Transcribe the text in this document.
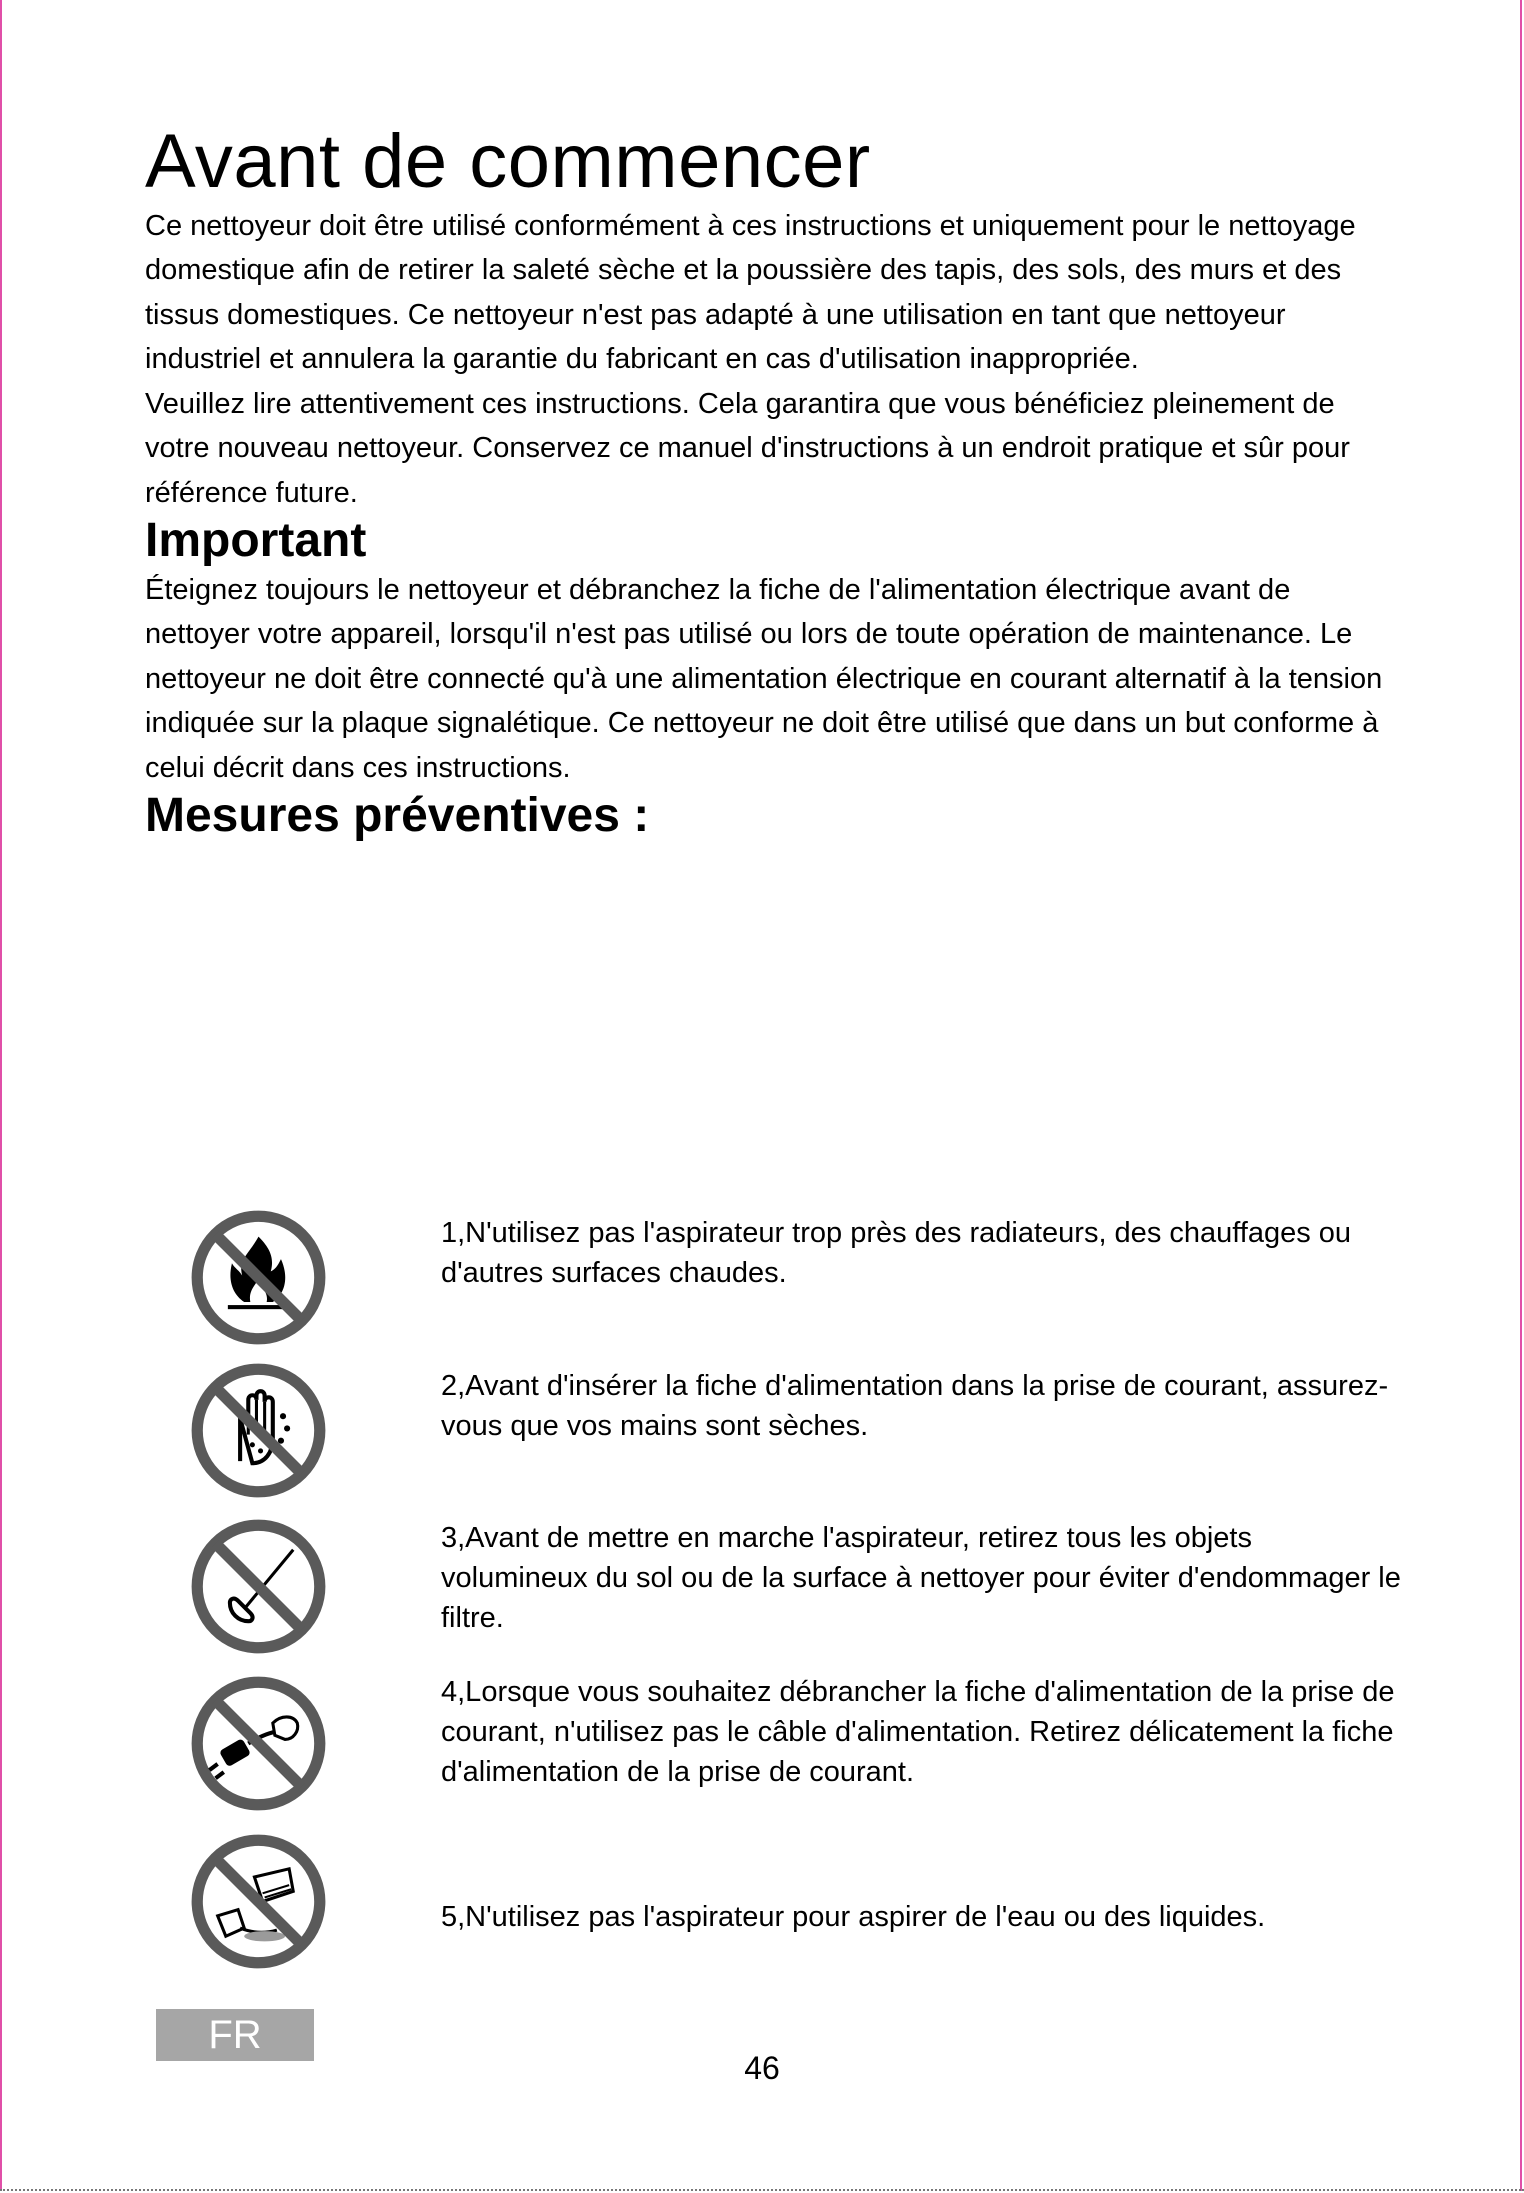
Avant de commencer

Ce nettoyeur doit être utilisé conformément à ces instructions et uniquement pour le nettoyage domestique afin de retirer la saleté sèche et la poussière des tapis, des sols, des murs et des tissus domestiques. Ce nettoyeur n'est pas adapté à une utilisation en tant que nettoyeur industriel et annulera la garantie du fabricant en cas d'utilisation inappropriée.

Veuillez lire attentivement ces instructions. Cela garantira que vous bénéficiez pleinement de votre nouveau nettoyeur. Conservez ce manuel d'instructions à un endroit pratique et sûr pour référence future.

Important

Éteignez toujours le nettoyeur et débranchez la fiche de l'alimentation électrique avant de nettoyer votre appareil, lorsqu'il n'est pas utilisé ou lors de toute opération de maintenance. Le nettoyeur ne doit être connecté qu'à une alimentation électrique en courant alternatif à la tension indiquée sur la plaque signalétique. Ce nettoyeur ne doit être utilisé que dans un but conforme à celui décrit dans ces instructions.

Mesures préventives :
1,N'utilisez pas l'aspirateur trop près des radiateurs, des chauffages ou d'autres surfaces chaudes.
2,Avant d'insérer la fiche d'alimentation dans la prise de courant, assurez-vous que vos mains sont sèches.
3,Avant de mettre en marche l'aspirateur, retirez tous les objets volumineux du sol ou de la surface à nettoyer pour éviter d'endommager le filtre.
4,Lorsque vous souhaitez débrancher la fiche d'alimentation de la prise de courant, n'utilisez pas le câble d'alimentation. Retirez délicatement la fiche d'alimentation de la prise de courant.
5,N'utilisez pas l'aspirateur pour aspirer de l'eau ou des liquides.
FR
46
